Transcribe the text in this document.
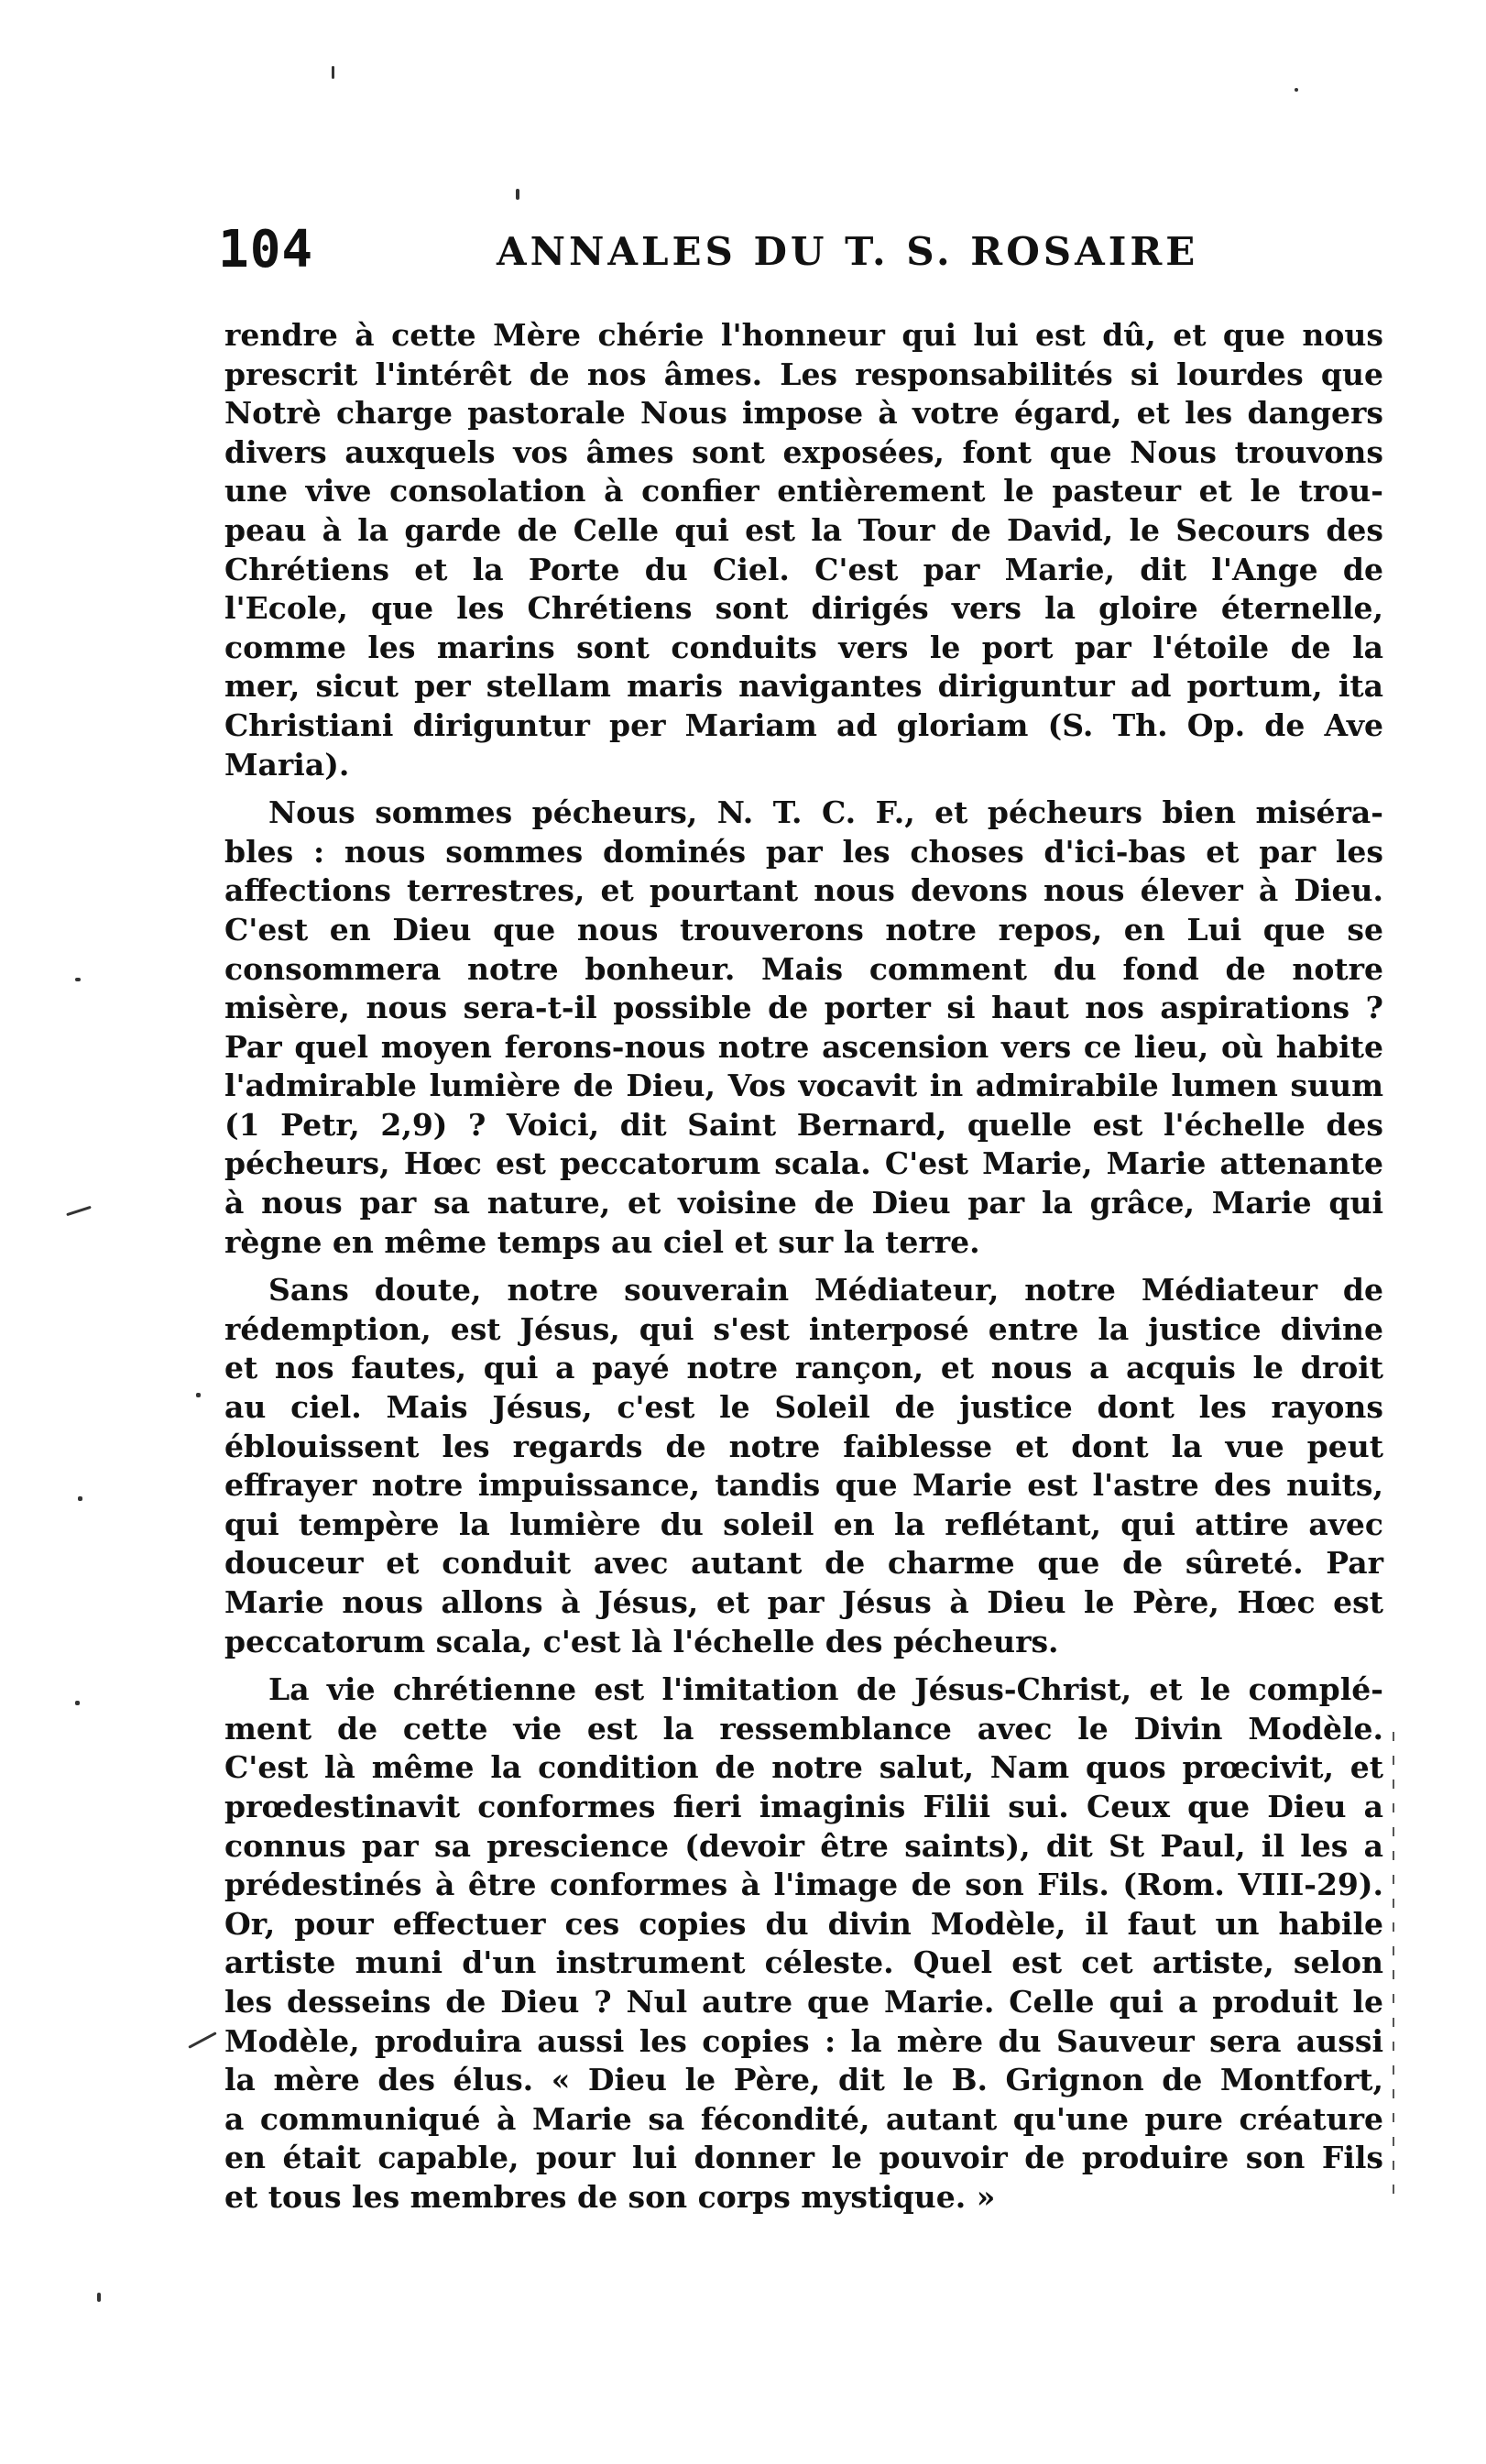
104	ANNALES DU T. S. ROSAIRE

rendre à cette Mère chérie l'honneur qui lui est dû, et que nous
prescrit l'intérêt de nos âmes. Les responsabilités si lourdes que
Notrè charge pastorale Nous impose à votre égard, et les dangers
divers auxquels vos âmes sont exposées, font que Nous trouvons
une vive consolation à confier entièrement le pasteur et le trou-
peau à la garde de Celle qui est la Tour de David, le Secours des
Chrétiens et la Porte du Ciel. C'est par Marie, dit l'Ange de
l'Ecole, que les Chrétiens sont dirigés vers la gloire éternelle,
comme les marins sont conduits vers le port par l'étoile de la
mer, sicut per stellam maris navigantes diriguntur ad portum, ita
Christiani diriguntur per Mariam ad gloriam (S. Th. Op. de Ave
Maria).

Nous sommes pécheurs, N. T. C. F., et pécheurs bien miséra-
bles : nous sommes dominés par les choses d'ici-bas et par les
affections terrestres, et pourtant nous devons nous élever à Dieu.
C'est en Dieu que nous trouverons notre repos, en Lui que se
consommera notre bonheur. Mais comment du fond de notre
misère, nous sera-t-il possible de porter si haut nos aspirations ?
Par quel moyen ferons-nous notre ascension vers ce lieu, où habite
l'admirable lumière de Dieu, Vos vocavit in admirabile lumen suum
(1 Petr, 2,9) ? Voici, dit Saint Bernard, quelle est l'échelle des
pécheurs, Hœc est peccatorum scala. C'est Marie, Marie attenante
à nous par sa nature, et voisine de Dieu par la grâce, Marie qui
règne en même temps au ciel et sur la terre.

Sans doute, notre souverain Médiateur, notre Médiateur de
rédemption, est Jésus, qui s'est interposé entre la justice divine
et nos fautes, qui a payé notre rançon, et nous a acquis le droit
au ciel. Mais Jésus, c'est le Soleil de justice dont les rayons
éblouissent les regards de notre faiblesse et dont la vue peut
effrayer notre impuissance, tandis que Marie est l'astre des nuits,
qui tempère la lumière du soleil en la reflétant, qui attire avec
douceur et conduit avec autant de charme que de sûreté. Par
Marie nous allons à Jésus, et par Jésus à Dieu le Père, Hœc est
peccatorum scala, c'est là l'échelle des pécheurs.

La vie chrétienne est l'imitation de Jésus-Christ, et le complé-
ment de cette vie est la ressemblance avec le Divin Modèle.
C'est là même la condition de notre salut, Nam quos prœcivit, et
prœdestinavit conformes fieri imaginis Filii sui. Ceux que Dieu a
connus par sa prescience (devoir être saints), dit St Paul, il les a
prédestinés à être conformes à l'image de son Fils. (Rom. VIII-29).
Or, pour effectuer ces copies du divin Modèle, il faut un habile
artiste muni d'un instrument céleste. Quel est cet artiste, selon
les desseins de Dieu ? Nul autre que Marie. Celle qui a produit le
Modèle, produira aussi les copies : la mère du Sauveur sera aussi
la mère des élus. « Dieu le Père, dit le B. Grignon de Montfort,
a communiqué à Marie sa fécondité, autant qu'une pure créature
en était capable, pour lui donner le pouvoir de produire son Fils
et tous les membres de son corps mystique. »
